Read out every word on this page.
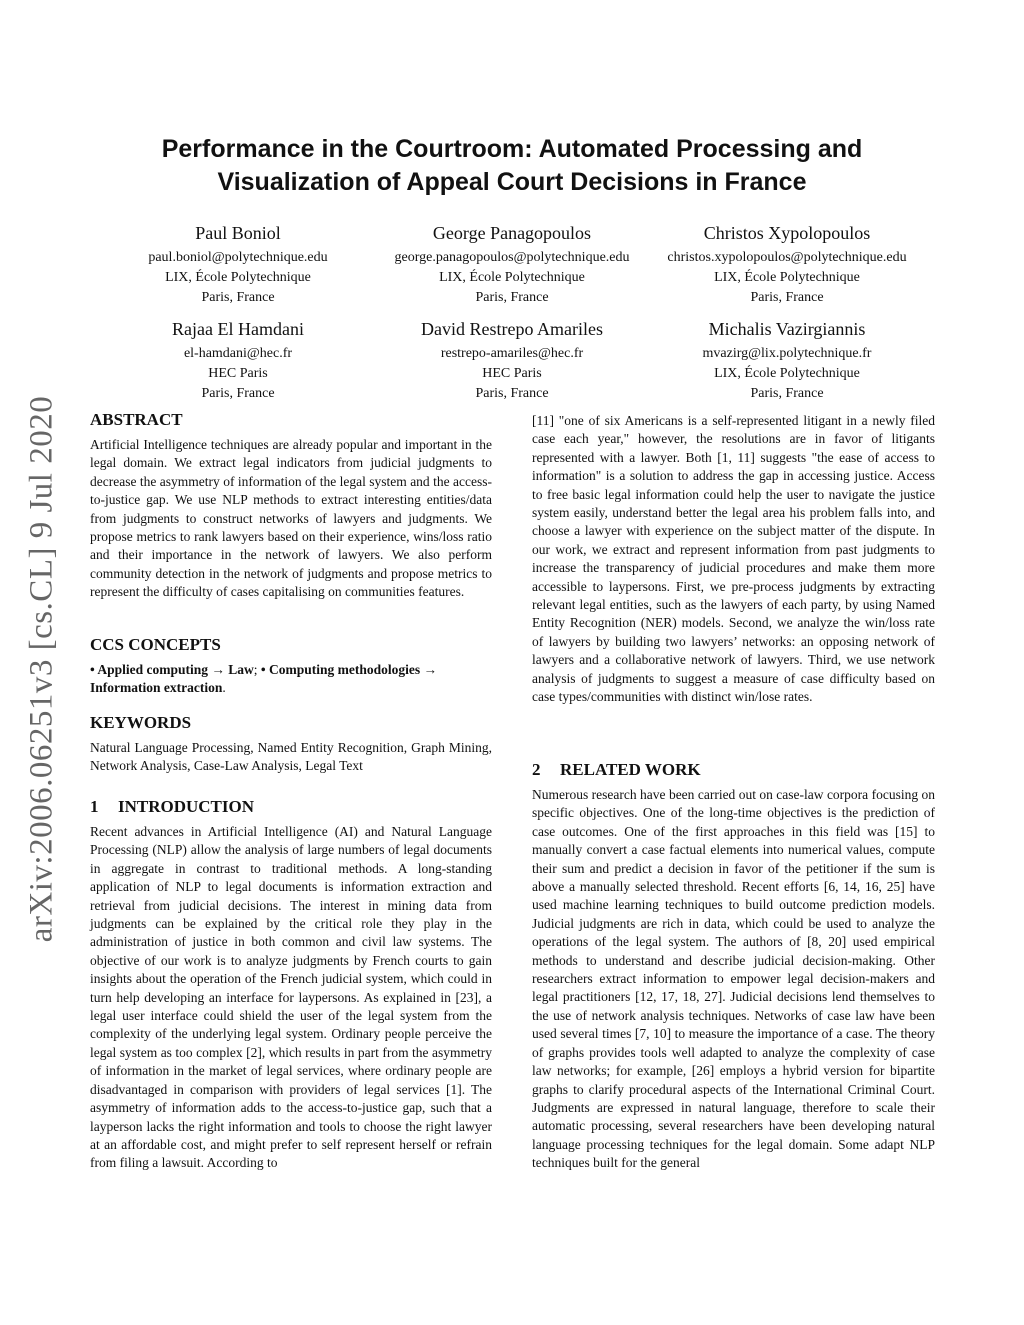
arXiv:2006.06251v3 [cs.CL] 9 Jul 2020
Performance in the Courtroom: Automated Processing and
Visualization of Appeal Court Decisions in France
Paul Boniol
paul.boniol@polytechnique.edu
LIX, École Polytechnique
Paris, France
George Panagopoulos
george.panagopoulos@polytechnique.edu
LIX, École Polytechnique
Paris, France
Christos Xypolopoulos
christos.xypolopoulos@polytechnique.edu
LIX, École Polytechnique
Paris, France
Rajaa El Hamdani
el-hamdani@hec.fr
HEC Paris
Paris, France
David Restrepo Amariles
restrepo-amariles@hec.fr
HEC Paris
Paris, France
Michalis Vazirgiannis
mvazirg@lix.polytechnique.fr
LIX, École Polytechnique
Paris, France
ABSTRACT

Artificial Intelligence techniques are already popular and important in the legal domain. We extract legal indicators from judicial judgments to decrease the asymmetry of information of the legal system and the access-to-justice gap. We use NLP methods to extract interesting entities/data from judgments to construct networks of lawyers and judgments. We propose metrics to rank lawyers based on their experience, wins/loss ratio and their importance in the network of lawyers. We also perform community detection in the network of judgments and propose metrics to represent the difficulty of cases capitalising on communities features.

CCS CONCEPTS

• Applied computing → Law; • Computing methodologies → Information extraction.

KEYWORDS

Natural Language Processing, Named Entity Recognition, Graph Mining, Network Analysis, Case-Law Analysis, Legal Text

1 INTRODUCTION

Recent advances in Artificial Intelligence (AI) and Natural Language Processing (NLP) allow the analysis of large numbers of legal documents in aggregate in contrast to traditional methods. A long-standing application of NLP to legal documents is information extraction and retrieval from judicial decisions. The interest in mining data from judgments can be explained by the critical role they play in the administration of justice in both common and civil law systems. The objective of our work is to analyze judgments by French courts to gain insights about the operation of the French judicial system, which could in turn help developing an interface for laypersons. As explained in [23], a legal user interface could shield the user of the legal system from the complexity of the underlying legal system. Ordinary people perceive the legal system as too complex [2], which results in part from the asymmetry of information in the market of legal services, where ordinary people are disadvantaged in comparison with providers of legal services [1]. The asymmetry of information adds to the access-to-justice gap, such that a layperson lacks the right information and tools to choose the right lawyer at an affordable cost, and might prefer to self represent herself or refrain from filing a lawsuit. According to

[11] "one of six Americans is a self-represented litigant in a newly filed case each year," however, the resolutions are in favor of litigants represented with a lawyer. Both [1, 11] suggests "the ease of access to information" is a solution to address the gap in accessing justice. Access to free basic legal information could help the user to navigate the justice system easily, understand better the legal area his problem falls into, and choose a lawyer with experience on the subject matter of the dispute. In our work, we extract and represent information from past judgments to increase the transparency of judicial procedures and make them more accessible to laypersons. First, we pre-process judgments by extracting relevant legal entities, such as the lawyers of each party, by using Named Entity Recognition (NER) models. Second, we analyze the win/loss rate of lawyers by building two lawyers’ networks: an opposing network of lawyers and a collaborative network of lawyers. Third, we use network analysis of judgments to suggest a measure of case difficulty based on case types/communities with distinct win/lose rates.

2 RELATED WORK

Numerous research have been carried out on case-law corpora focusing on specific objectives. One of the long-time objectives is the prediction of case outcomes. One of the first approaches in this field was [15] to manually convert a case factual elements into numerical values, compute their sum and predict a decision in favor of the petitioner if the sum is above a manually selected threshold. Recent efforts [6, 14, 16, 25] have used machine learning techniques to build outcome prediction models. Judicial judgments are rich in data, which could be used to analyze the operations of the legal system. The authors of [8, 20] used empirical methods to understand and describe judicial decision-making. Other researchers extract information to empower legal decision-makers and legal practitioners [12, 17, 18, 27]. Judicial decisions lend themselves to the use of network analysis techniques. Networks of case law have been used several times [7, 10] to measure the importance of a case. The theory of graphs provides tools well adapted to analyze the complexity of case law networks; for example, [26] employs a hybrid version for bipartite graphs to clarify procedural aspects of the International Criminal Court. Judgments are expressed in natural language, therefore to scale their automatic processing, several researchers have been developing natural language processing techniques for the legal domain. Some adapt NLP techniques built for the general
